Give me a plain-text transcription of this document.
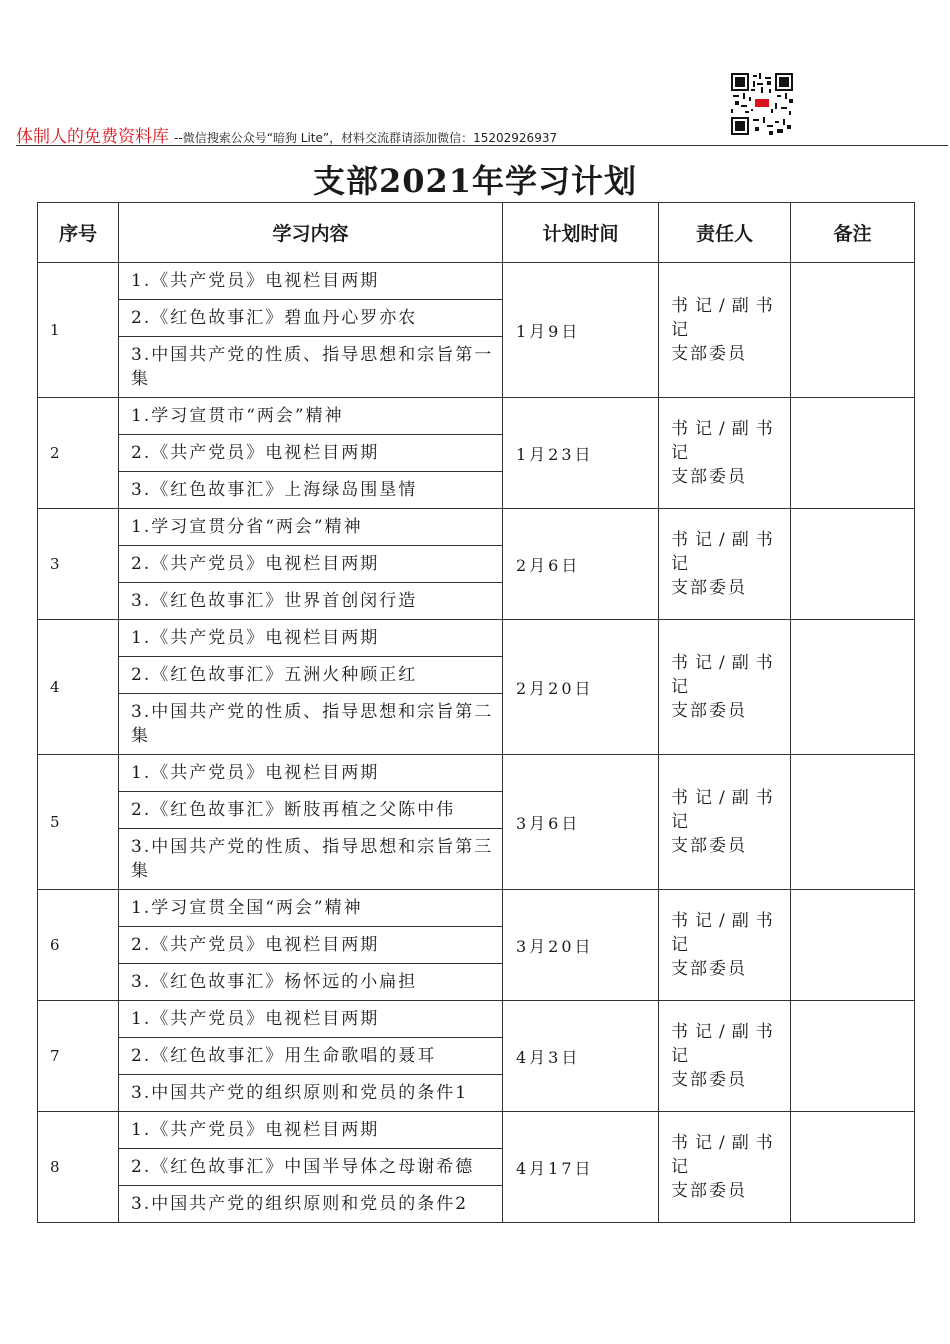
体制人的免费资料库 --微信搜索公众号“暗狗 Lite”，材料交流群请添加微信：15202926937
支部2021年学习计划
序号	学习内容	计划时间	责任人	备注
1	1.《共产党员》电视栏目两期	1月9日	书记/副书记
支部委员	

	2.《红色故事汇》碧血丹心罗亦农			
	3.中国共产党的性质、指导思想和宗旨第一集			
2	1.学习宣贯市“两会”精神	1月23日	书记/副书记
支部委员	

	2.《共产党员》电视栏目两期			
	3.《红色故事汇》上海绿岛围垦情			
3	1.学习宣贯分省“两会”精神	2月6日	书记/副书记
支部委员	

	2.《共产党员》电视栏目两期			
	3.《红色故事汇》世界首创闵行造			
4	1.《共产党员》电视栏目两期	2月20日	书记/副书记
支部委员	

	2.《红色故事汇》五洲火种顾正红			
	3.中国共产党的性质、指导思想和宗旨第二集			
5	1.《共产党员》电视栏目两期	3月6日	书记/副书记
支部委员	

	2.《红色故事汇》断肢再植之父陈中伟			
	3.中国共产党的性质、指导思想和宗旨第三集			
6	1.学习宣贯全国“两会”精神	3月20日	书记/副书记
支部委员	

	2.《共产党员》电视栏目两期			
	3.《红色故事汇》杨怀远的小扁担			
7	1.《共产党员》电视栏目两期	4月3日	书记/副书记
支部委员	

	2.《红色故事汇》用生命歌唱的聂耳			
	3.中国共产党的组织原则和党员的条件1			
8	1.《共产党员》电视栏目两期	4月17日	书记/副书记
支部委员	

	2.《红色故事汇》中国半导体之母谢希德			
	3.中国共产党的组织原则和党员的条件2			
